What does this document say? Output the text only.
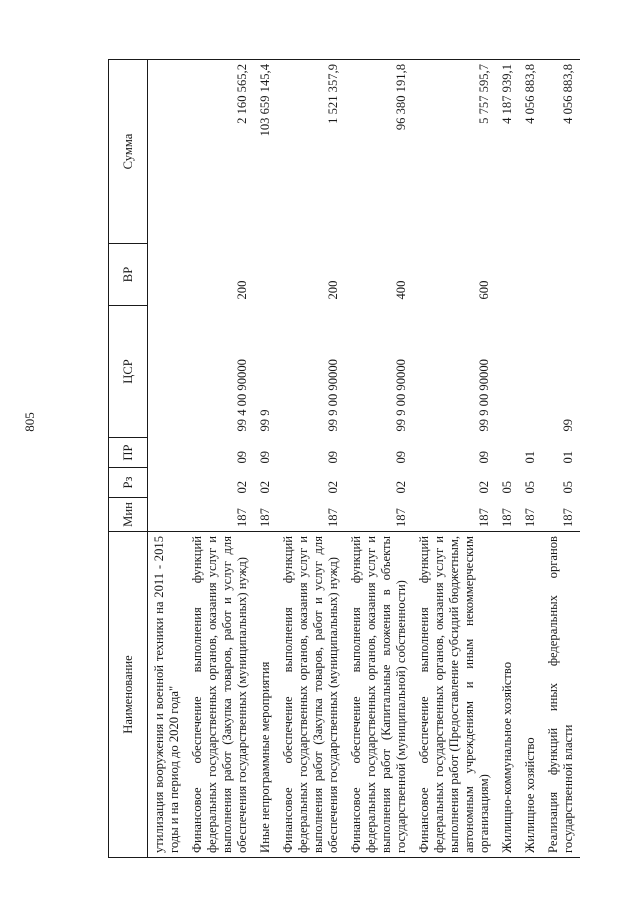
805
Наименование	Мин	Рз	ПР	ЦСР	ВР	Сумма
утилизация вооружения и военной техники на 2011 - 2015 годы и на период до 2020 года"						
Финансовое обеспечение выполнения функций федеральных государственных органов, оказания услуг и выполнения работ (Закупка товаров, работ и услуг для обеспечения государственных (муниципальных) нужд)	187	02	09	99 4 00 90000	200	2 160 565,2
Иные непрограммные мероприятия	187	02	09	99 9		103 659 145,4
Финансовое обеспечение выполнения функций федеральных государственных органов, оказания услуг и выполнения работ (Закупка товаров, работ и услуг для обеспечения государственных (муниципальных) нужд)	187	02	09	99 9 00 90000	200	1 521 357,9
Финансовое обеспечение выполнения функций федеральных государственных органов, оказания услуг и выполнения работ (Капитальные вложения в объекты государственной (муниципальной) собственности)	187	02	09	99 9 00 90000	400	96 380 191,8
Финансовое обеспечение выполнения функций федеральных государственных органов, оказания услуг и выполнения работ (Предоставление субсидий бюджетным, автономным учреждениям и иным некоммерческим организациям)	187	02	09	99 9 00 90000	600	5 757 595,7
Жилищно-коммунальное хозяйство	187	05				4 187 939,1
Жилищное хозяйство	187	05	01			4 056 883,8
Реализация функций иных федеральных органов государственной власти	187	05	01	99		4 056 883,8
